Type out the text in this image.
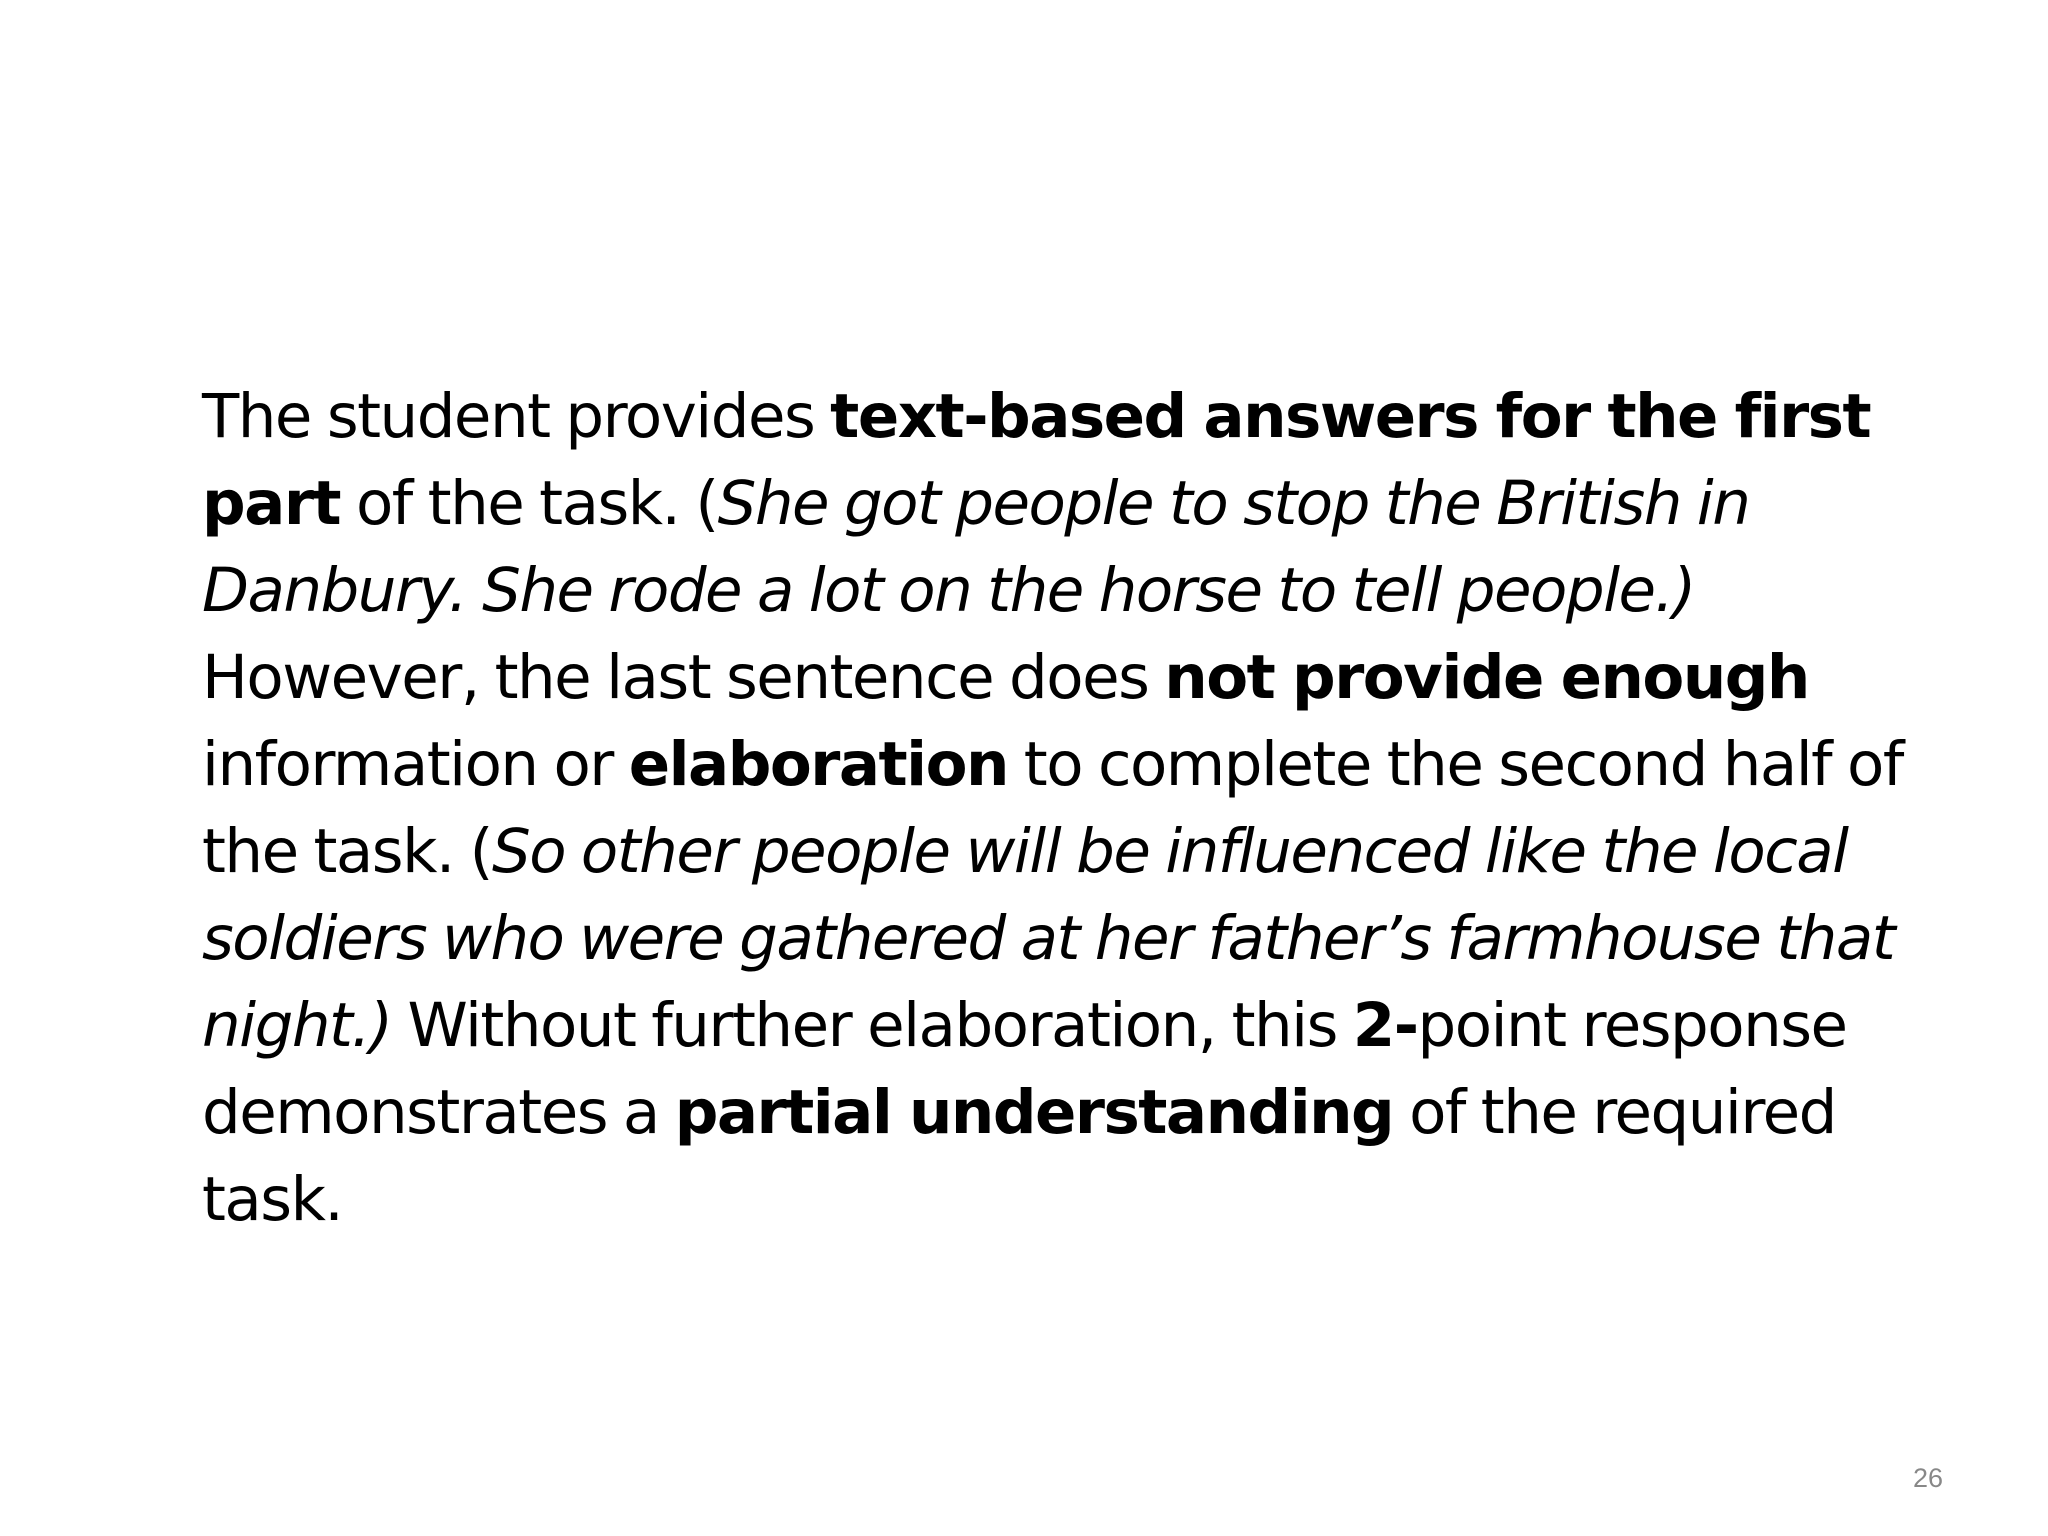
The student provides text-based answers for the first part of the task. (She got people to stop the British in Danbury. She rode a lot on the horse to tell people.) However, the last sentence does not provide enough information or elaboration to complete the second half of the task. (So other people will be influenced like the local soldiers who were gathered at her father’s farmhouse that night.) Without further elaboration, this 2-point response demonstrates a partial understanding of the required task.

26
